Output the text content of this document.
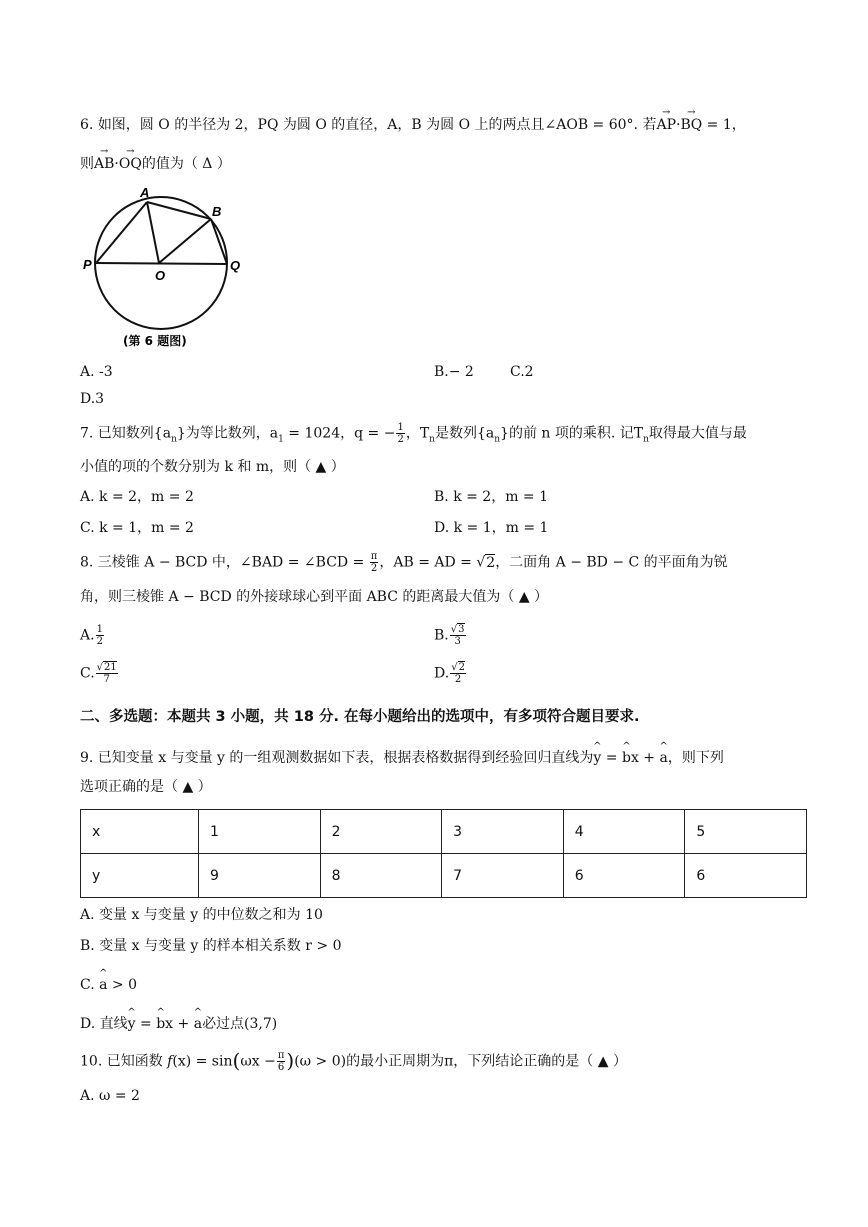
6. 如图，圆 O 的半径为 2，PQ 为圆 O 的直径，A，B 为圆 O 上的两点且∠AOB = 60°. 若→ AP·→ BQ = 1，
则→ AB·→ OQ的值为（ Δ ）
A
B
P
O
Q
(第 6 题图)
A. -3	B.− 2	C.2
D.3
7. 已知数列$\{a_n\}$为等比数列，$a_1 = 1024$，q = − $\frac{1}{2}$ ，$T_n$是数列$\{a_n\}$的前 n 项的乘积. 记$T_n$取得最大值与最
小值的项的个数分别为 k 和 m，则（ ▲ ）
A. k = 2，m = 2	B. k = 2，m = 1
C. k = 1，m = 2	D. k = 1，m = 1
8. 三棱锥 A − BCD 中，∠BAD = ∠BCD = $\frac{\pi}{2}$ ，AB = AD = √2，二面角 A − BD − C 的平面角为锐
角，则三棱锥 A − BCD 的外接球球心到平面 ABC 的距离最大值为（ ▲ ）
A. $\frac{1}{2}$	B. $\frac{√3}{3}$
C. $\frac{√21}{7}$	D. $\frac{√2}{2}$
二、多选题：本题共 3 小题，共 18 分. 在每小题给出的选项中，有多项符合题目要求.
9. 已知变量 x 与变量 y 的一组观测数据如下表，根据表格数据得到经验回归直线为^ y = ^ bx + ^ a，则下列
选项正确的是（ ▲ ）
x	1	2	3	4	5
y	9	8	7	6	6
A. 变量 x 与变量 y 的中位数之和为 10
B. 变量 x 与变量 y 的样本相关系数 r > 0
C. ^ a > 0
D. 直线^ y = ^ bx + ^ a必过点(3,7)
10. 已知函数 $f(x) = \sin(\omega x - \frac{\pi}{6} )(\omega > 0)$的最小正周期为π，下列结论正确的是（ ▲ ）
A. ω = 2
